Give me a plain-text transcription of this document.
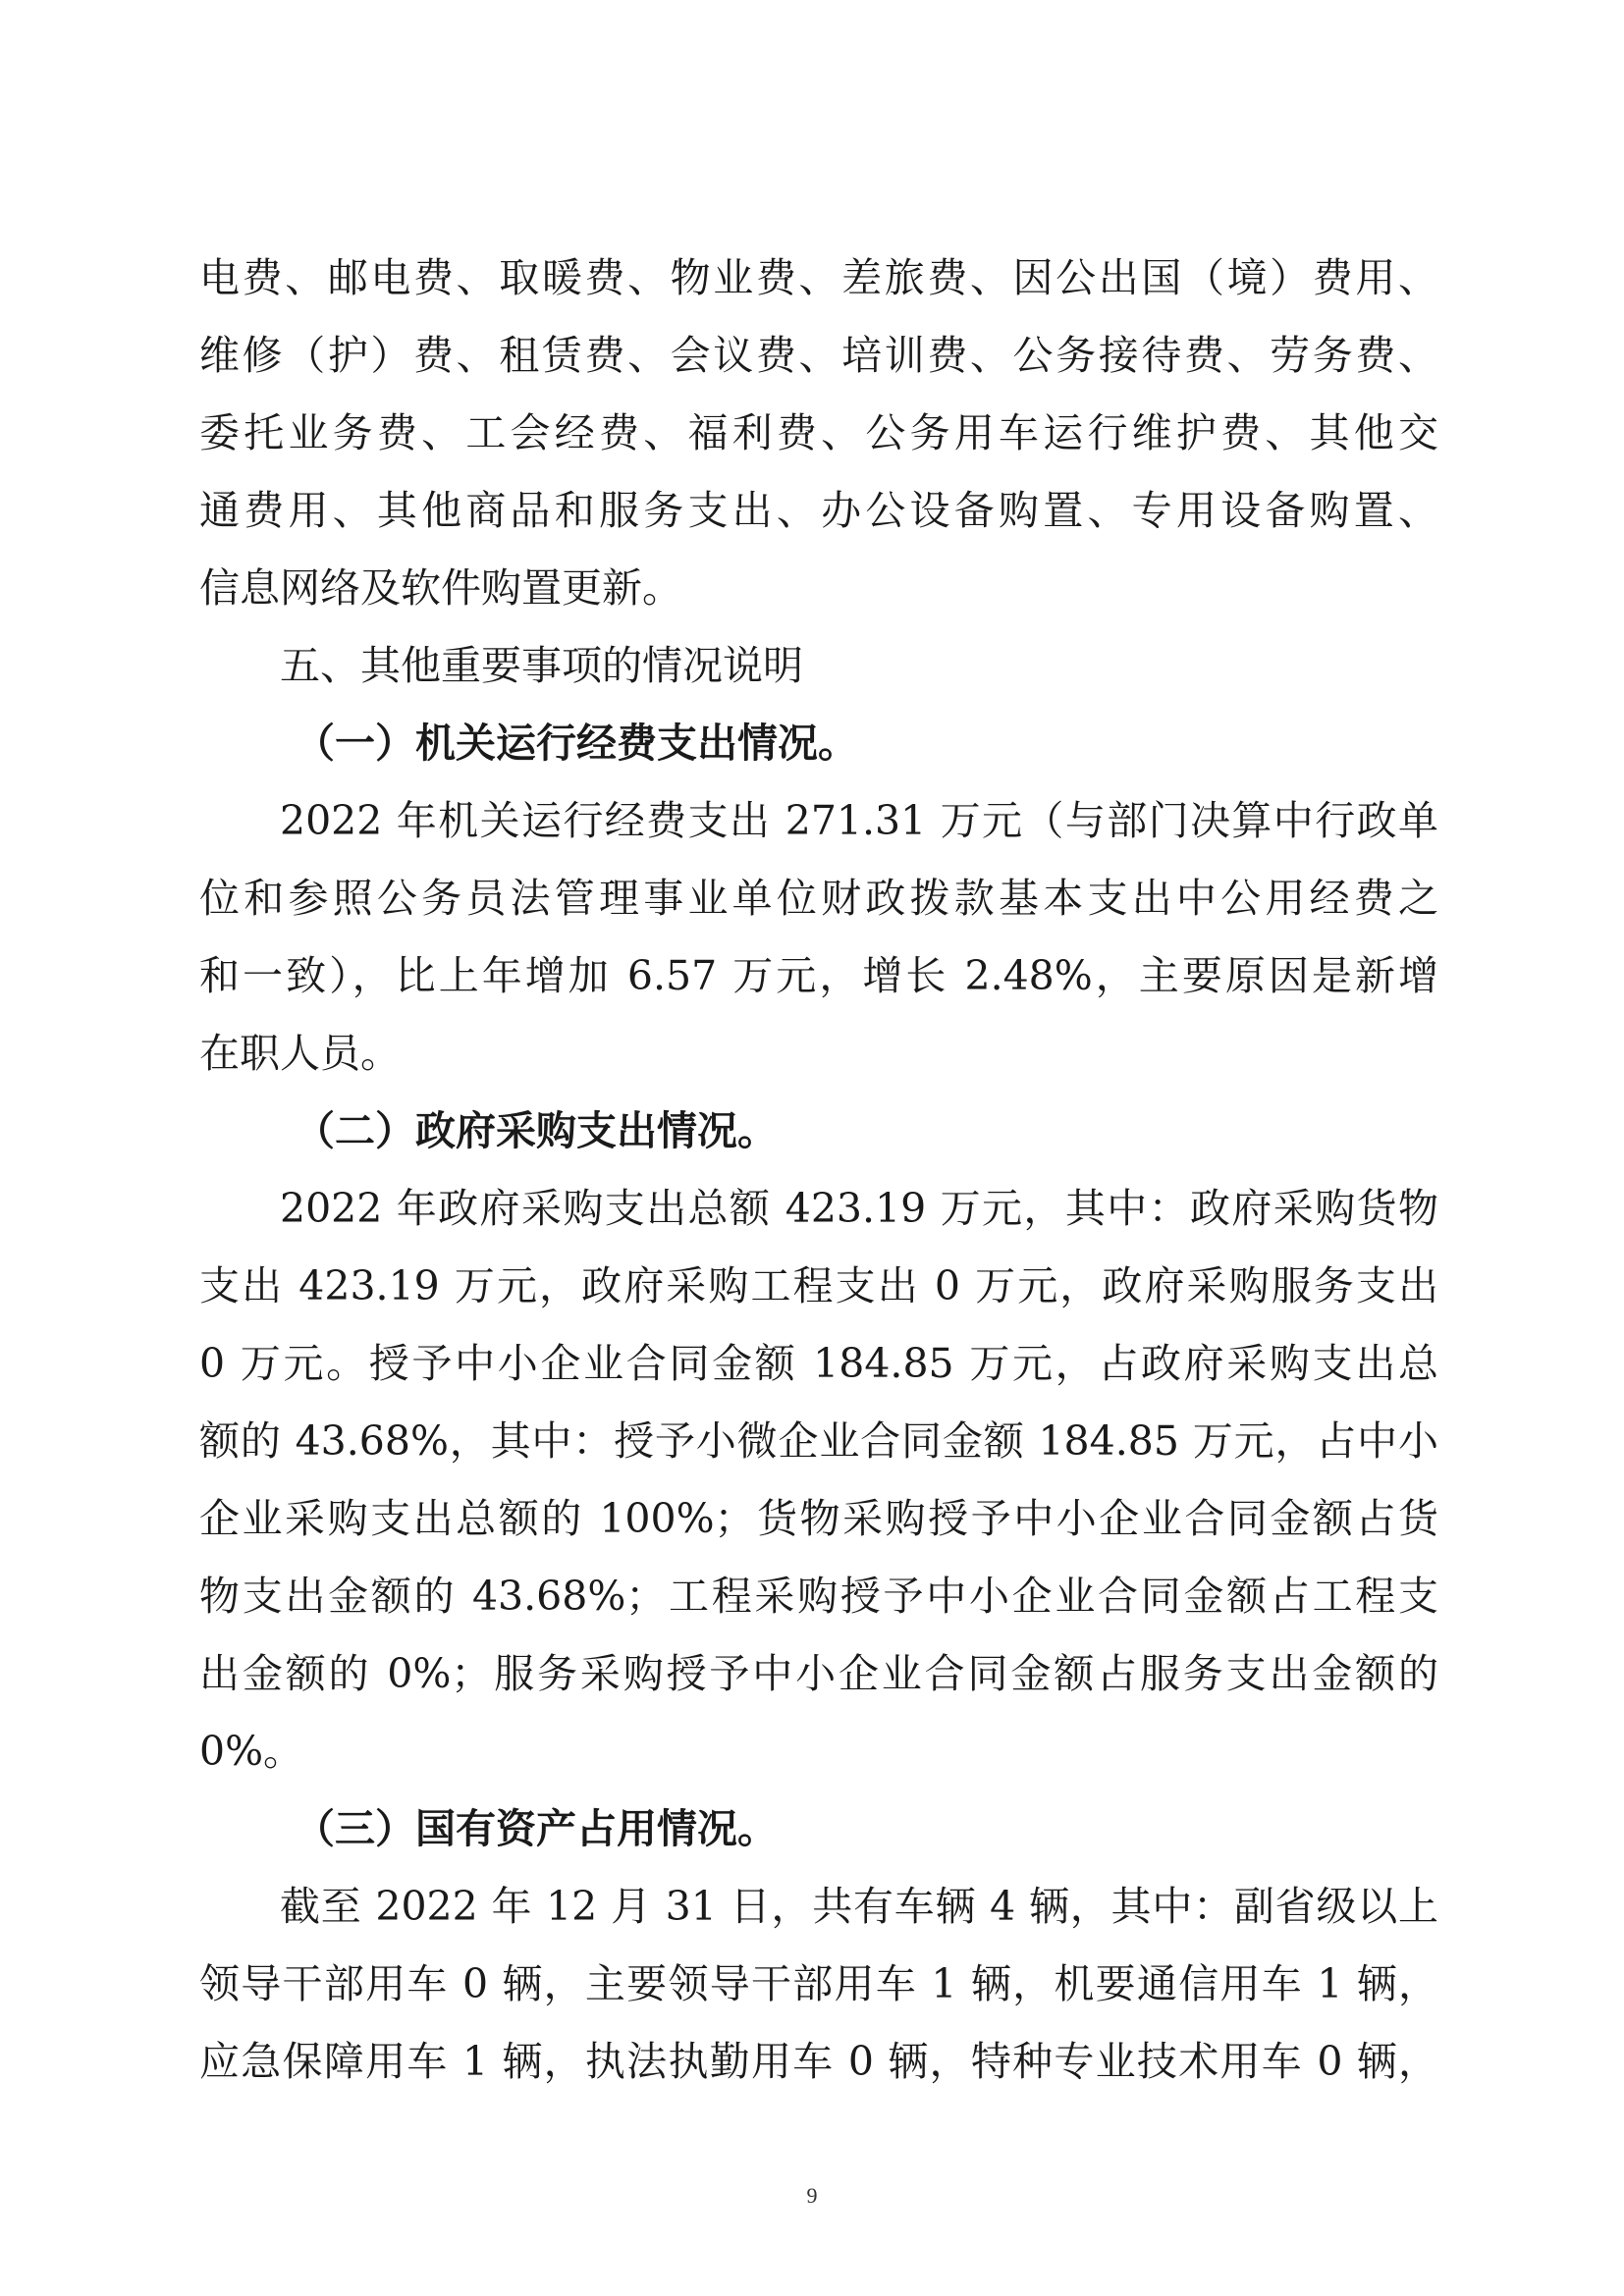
电费、邮电费、取暖费、物业费、差旅费、因公出国（境）费用、
维修（护）费、租赁费、会议费、培训费、公务接待费、劳务费、
委托业务费、工会经费、福利费、公务用车运行维护费、其他交
通费用、其他商品和服务支出、办公设备购置、专用设备购置、
信息网络及软件购置更新。
五、其他重要事项的情况说明
（一）机关运行经费支出情况。
2022 年机关运行经费支出 271.31 万元（与部门决算中行政单
位和参照公务员法管理事业单位财政拨款基本支出中公用经费之
和一致），比上年增加 6.57 万元，增长 2.48%，主要原因是新增
在职人员。
（二）政府采购支出情况。
2022 年政府采购支出总额 423.19 万元，其中：政府采购货物
支出 423.19 万元，政府采购工程支出 0 万元，政府采购服务支出
0 万元。授予中小企业合同金额 184.85 万元，占政府采购支出总
额的 43.68%，其中：授予小微企业合同金额 184.85 万元，占中小
企业采购支出总额的 100%；货物采购授予中小企业合同金额占货
物支出金额的 43.68%；工程采购授予中小企业合同金额占工程支
出金额的 0%；服务采购授予中小企业合同金额占服务支出金额的
0%。
（三）国有资产占用情况。
截至 2022 年 12 月 31 日，共有车辆 4 辆，其中：副省级以上
领导干部用车 0 辆，主要领导干部用车 1 辆，机要通信用车 1 辆，
应急保障用车 1 辆，执法执勤用车 0 辆，特种专业技术用车 0 辆，
9
